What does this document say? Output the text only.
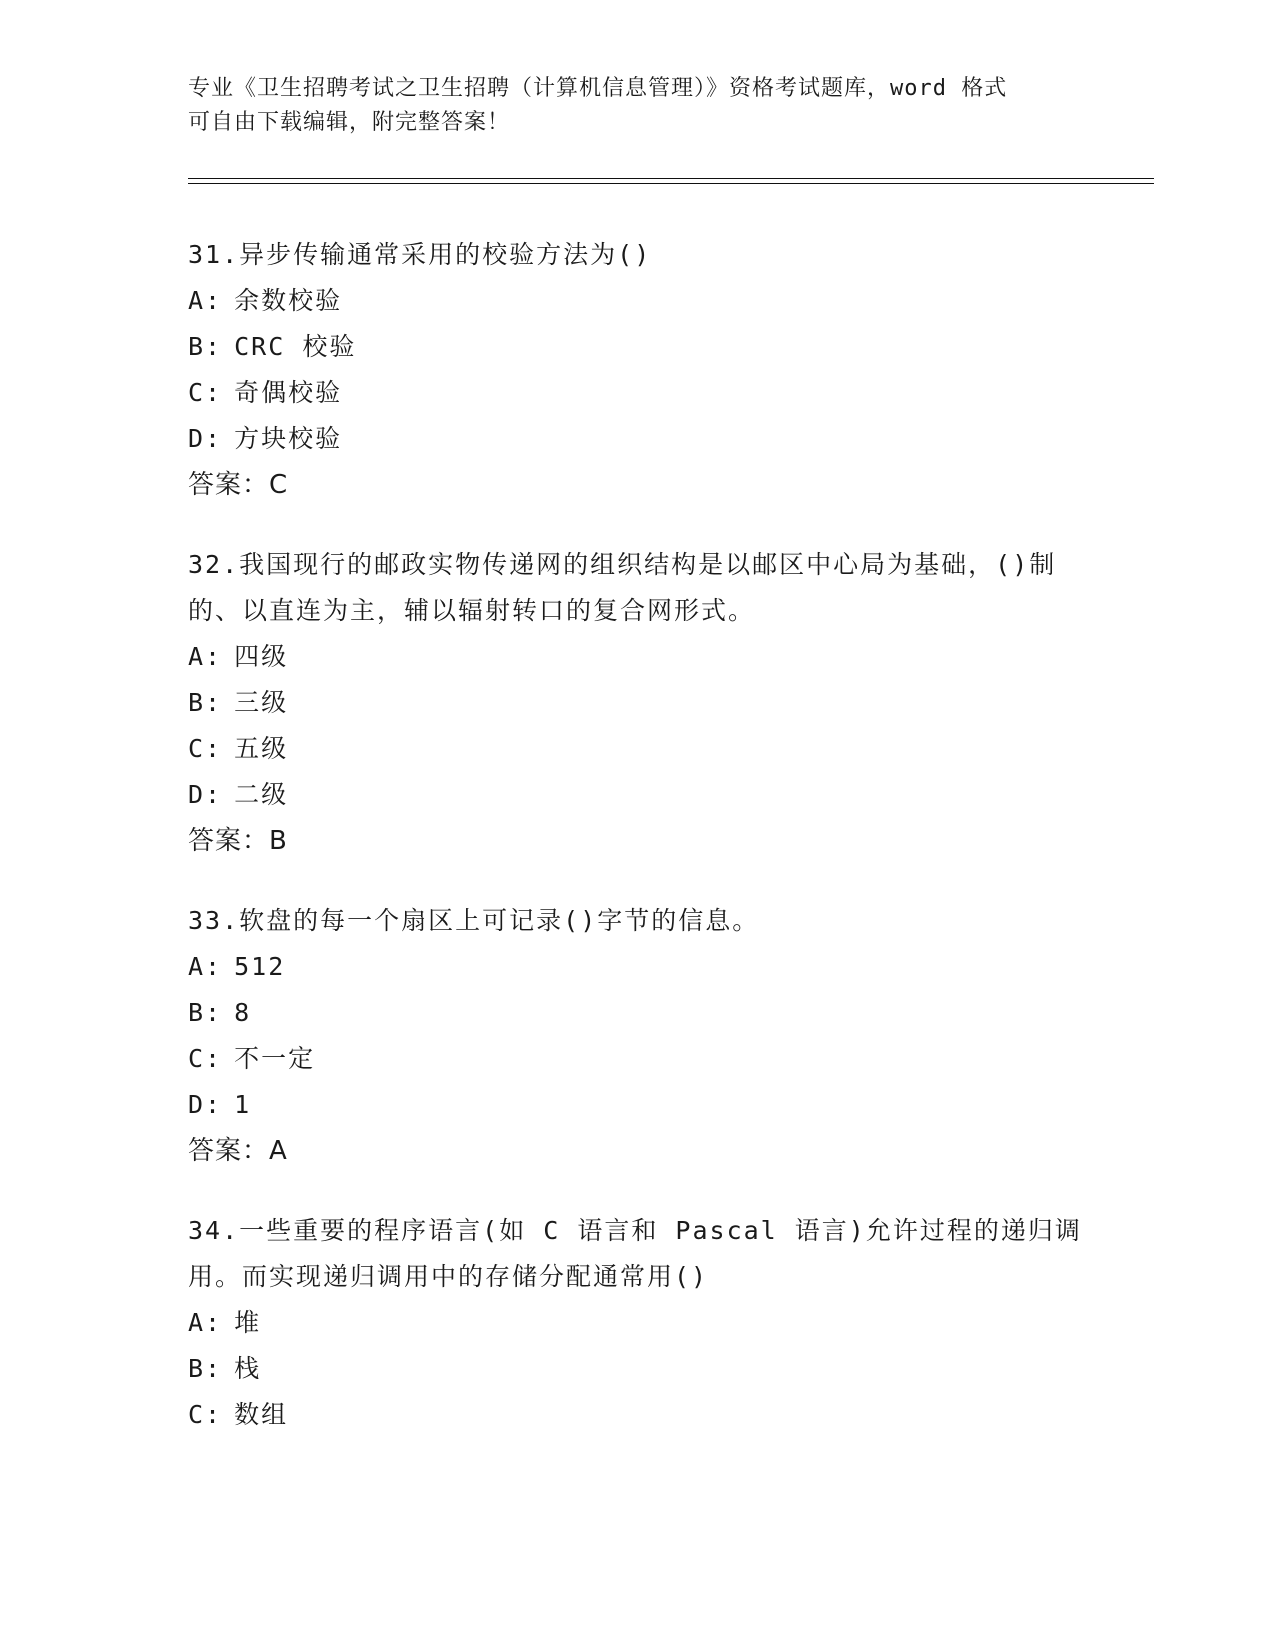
专业《卫生招聘考试之卫生招聘（计算机信息管理）》资格考试题库，word 格式
可自由下载编辑，附完整答案！
31.异步传输通常采用的校验方法为()
A: 余数校验
B: CRC 校验
C: 奇偶校验
D: 方块校验
答案：C
32.我国现行的邮政实物传递网的组织结构是以邮区中心局为基础，()制的、以直连为主，辅以辐射转口的复合网形式。
A: 四级
B: 三级
C: 五级
D: 二级
答案：B
33.软盘的每一个扇区上可记录()字节的信息。
A: 512
B: 8
C: 不一定
D: 1
答案：A
34.一些重要的程序语言(如 C 语言和 Pascal 语言)允许过程的递归调用。而实现递归调用中的存储分配通常用()
A: 堆
B: 栈
C: 数组
